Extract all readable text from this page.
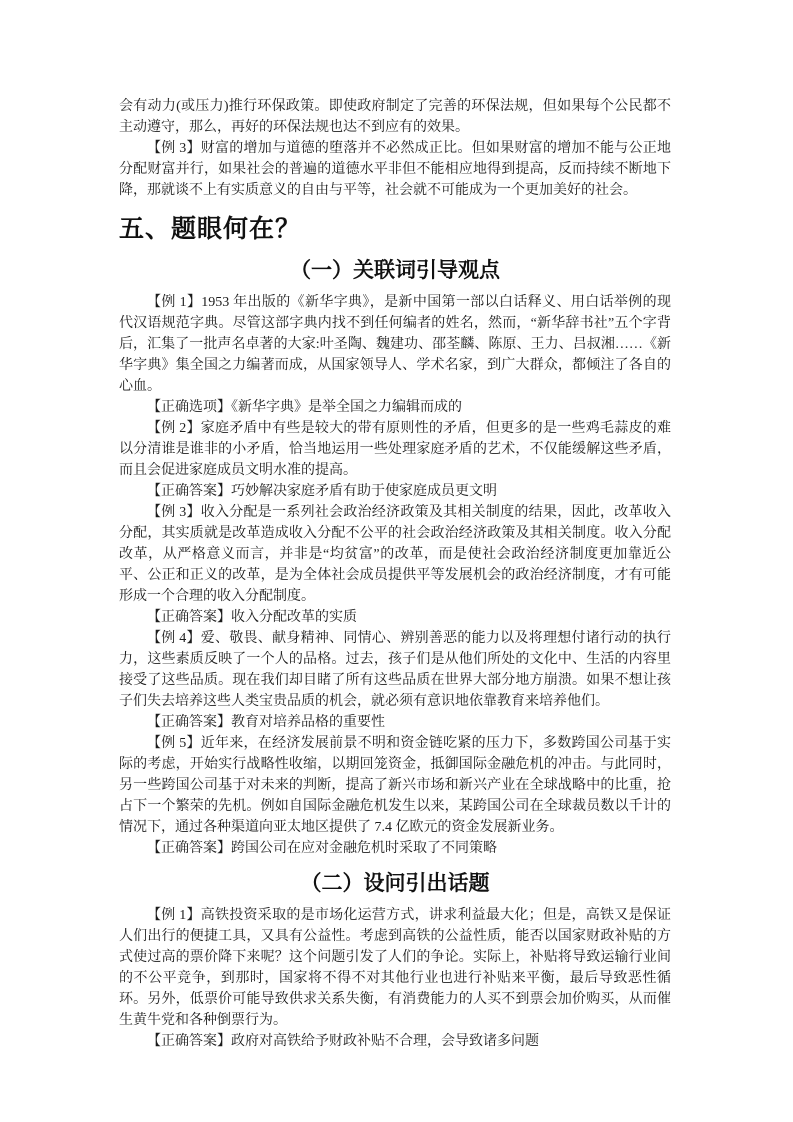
会有动力(或压力)推行环保政策。即使政府制定了完善的环保法规，但如果每个公民都不主动遵守，那么，再好的环保法规也达不到应有的效果。

【例 3】财富的增加与道德的堕落并不必然成正比。但如果财富的增加不能与公正地分配财富并行，如果社会的普遍的道德水平非但不能相应地得到提高，反而持续不断地下降，那就谈不上有实质意义的自由与平等，社会就不可能成为一个更加美好的社会。

五、题眼何在？
（一）关联词引导观点

【例 1】1953 年出版的《新华字典》，是新中国第一部以白话释义、用白话举例的现代汉语规范字典。尽管这部字典内找不到任何编者的姓名，然而，“新华辞书社”五个字背后，汇集了一批声名卓著的大家:叶圣陶、魏建功、邵荃麟、陈原、王力、吕叔湘……《新华字典》集全国之力编著而成，从国家领导人、学术名家，到广大群众，都倾注了各自的心血。

【正确选项】《新华字典》是举全国之力编辑而成的

【例 2】家庭矛盾中有些是较大的带有原则性的矛盾，但更多的是一些鸡毛蒜皮的难以分清谁是谁非的小矛盾，恰当地运用一些处理家庭矛盾的艺术，不仅能缓解这些矛盾，而且会促进家庭成员文明水准的提高。

【正确答案】巧妙解决家庭矛盾有助于使家庭成员更文明

【例 3】收入分配是一系列社会政治经济政策及其相关制度的结果，因此，改革收入分配，其实质就是改革造成收入分配不公平的社会政治经济政策及其相关制度。收入分配改革，从严格意义而言，并非是“均贫富”的改革，而是使社会政治经济制度更加靠近公平、公正和正义的改革，是为全体社会成员提供平等发展机会的政治经济制度，才有可能形成一个合理的收入分配制度。

【正确答案】收入分配改革的实质

【例 4】爱、敬畏、献身精神、同情心、辨别善恶的能力以及将理想付诸行动的执行力，这些素质反映了一个人的品格。过去，孩子们是从他们所处的文化中、生活的内容里接受了这些品质。现在我们却目睹了所有这些品质在世界大部分地方崩溃。如果不想让孩子们失去培养这些人类宝贵品质的机会，就必须有意识地依靠教育来培养他们。

【正确答案】教育对培养品格的重要性

【例 5】近年来，在经济发展前景不明和资金链吃紧的压力下，多数跨国公司基于实际的考虑，开始实行战略性收缩，以期回笼资金，抵御国际金融危机的冲击。与此同时，另一些跨国公司基于对未来的判断，提高了新兴市场和新兴产业在全球战略中的比重，抢占下一个繁荣的先机。例如自国际金融危机发生以来，某跨国公司在全球裁员数以千计的情况下，通过各种渠道向亚太地区提供了 7.4 亿欧元的资金发展新业务。

【正确答案】跨国公司在应对金融危机时采取了不同策略

（二）设问引出话题

【例 1】高铁投资采取的是市场化运营方式，讲求利益最大化；但是，高铁又是保证人们出行的便捷工具，又具有公益性。考虑到高铁的公益性质，能否以国家财政补贴的方式使过高的票价降下来呢？这个问题引发了人们的争论。实际上，补贴将导致运输行业间的不公平竞争，到那时，国家将不得不对其他行业也进行补贴来平衡，最后导致恶性循环。另外，低票价可能导致供求关系失衡，有消费能力的人买不到票会加价购买，从而催生黄牛党和各种倒票行为。

【正确答案】政府对高铁给予财政补贴不合理，会导致诸多问题
